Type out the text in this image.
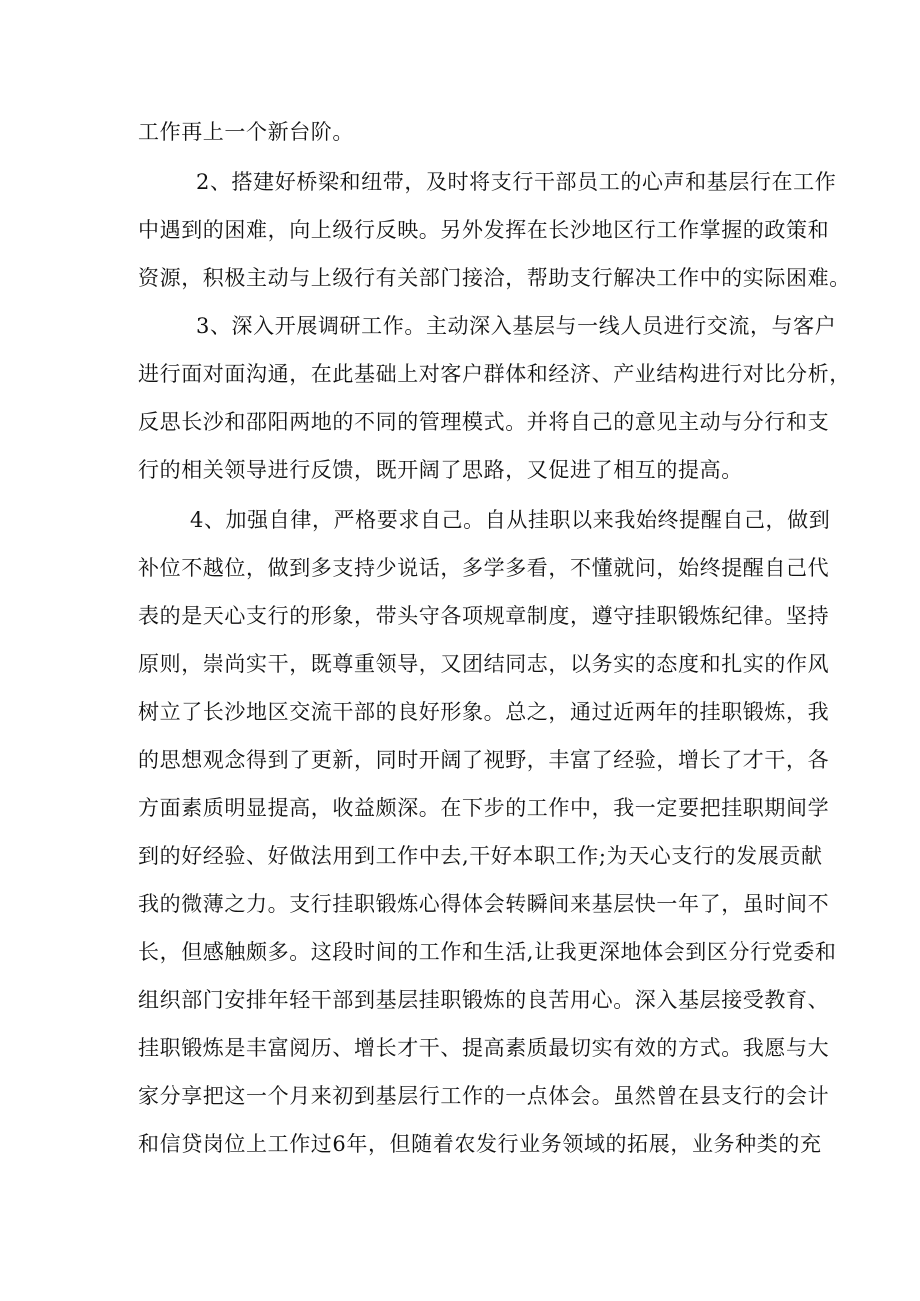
工作再上一个新台阶。
2、搭建好桥梁和纽带，及时将支行干部员工的心声和基层行在工作
中遇到的困难，向上级行反映。另外发挥在长沙地区行工作掌握的政策和
资源，积极主动与上级行有关部门接洽，帮助支行解决工作中的实际困难。
3、深入开展调研工作。主动深入基层与一线人员进行交流，与客户
进行面对面沟通，在此基础上对客户群体和经济、产业结构进行对比分析，
反思长沙和邵阳两地的不同的管理模式。并将自己的意见主动与分行和支
行的相关领导进行反馈，既开阔了思路，又促进了相互的提高。
4、加强自律，严格要求自己。自从挂职以来我始终提醒自己，做到
补位不越位，做到多支持少说话，多学多看，不懂就问，始终提醒自己代
表的是天心支行的形象，带头守各项规章制度，遵守挂职锻炼纪律。坚持
原则，崇尚实干，既尊重领导，又团结同志，以务实的态度和扎实的作风
树立了长沙地区交流干部的良好形象。总之，通过近两年的挂职锻炼，我
的思想观念得到了更新，同时开阔了视野，丰富了经验，增长了才干，各
方面素质明显提高，收益颇深。在下步的工作中，我一定要把挂职期间学
到的好经验、好做法用到工作中去,干好本职工作;为天心支行的发展贡献
我的微薄之力。支行挂职锻炼心得体会转瞬间来基层快一年了，虽时间不
长，但感触颇多。这段时间的工作和生活,让我更深地体会到区分行党委和
组织部门安排年轻干部到基层挂职锻炼的良苦用心。深入基层接受教育、
挂职锻炼是丰富阅历、增长才干、提高素质最切实有效的方式。我愿与大
家分享把这一个月来初到基层行工作的一点体会。虽然曾在县支行的会计
和信贷岗位上工作过6年，但随着农发行业务领域的拓展，业务种类的充
